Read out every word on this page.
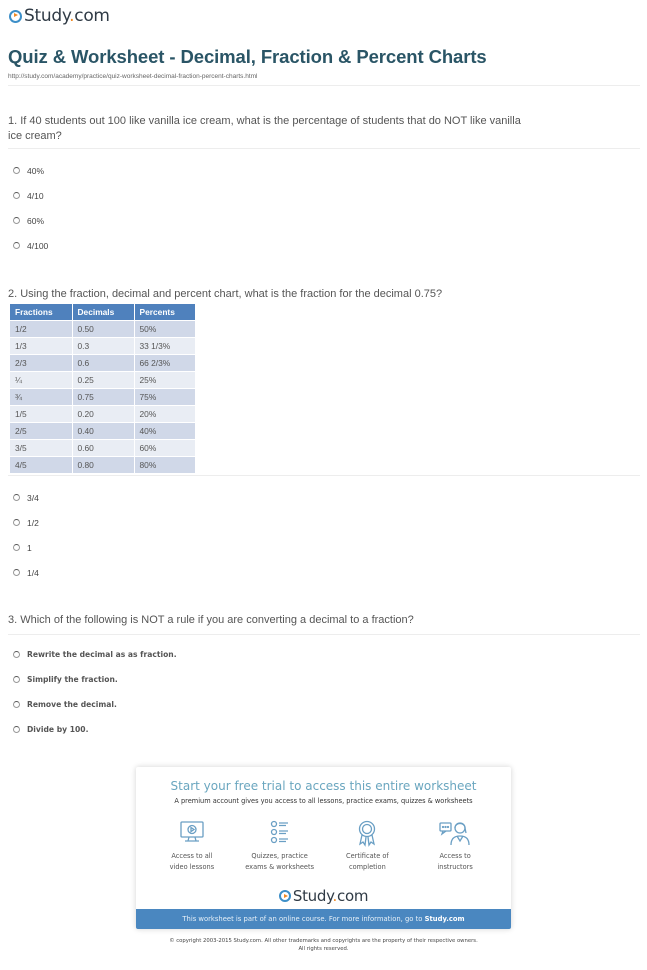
Study.com
Quiz & Worksheet - Decimal, Fraction & Percent Charts
http://study.com/academy/practice/quiz-worksheet-decimal-fraction-percent-charts.html
1. If 40 students out 100 like vanilla ice cream, what is the percentage of students that do NOT like vanilla ice cream?
40%
4/10
60%
4/100
2. Using the fraction, decimal and percent chart, what is the fraction for the decimal 0.75?
Fractions	Decimals	Percents
1/2	0.50	50%
1/3	0.3	33 1/3%
2/3	0.6	66 2/3%
¼	0.25	25%
¾	0.75	75%
1/5	0.20	20%
2/5	0.40	40%
3/5	0.60	60%
4/5	0.80	80%
3/4
1/2
1
1/4
3. Which of the following is NOT a rule if you are converting a decimal to a fraction?
Rewrite the decimal as as fraction.
Simplify the fraction.
Remove the decimal.
Divide by 100.
Start your free trial to access this entire worksheet
A premium account gives you access to all lessons, practice exams, quizzes & worksheets
Access to all
video lessons
Quizzes, practice
exams & worksheets
Certificate of
completion
Access to
instructors
Study.com
This worksheet is part of an online course. For more information, go to Study.com
© copyright 2003-2015 Study.com. All other trademarks and copyrights are the property of their respective owners.
All rights reserved.
